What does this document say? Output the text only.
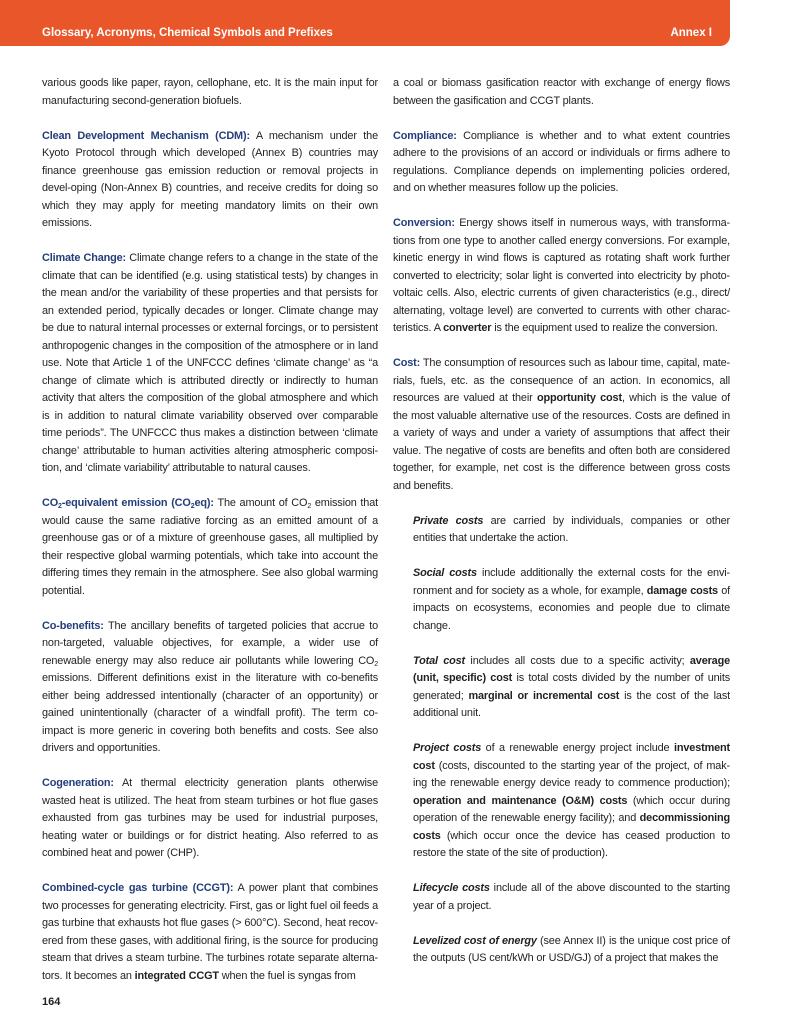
Glossary, Acronyms, Chemical Symbols and Prefixes	Annex I

various goods like paper, rayon, cellophane, etc. It is the main input for manufacturing second-generation biofuels.

Clean Development Mechanism (CDM): A mechanism under the Kyoto Protocol through which developed (Annex B) countries may finance greenhouse gas emission reduction or removal projects in devel-oping (Non-Annex B) countries, and receive credits for doing so which they may apply for meeting mandatory limits on their own emissions.

Climate Change: Climate change refers to a change in the state of the climate that can be identified (e.g. using statistical tests) by changes in the mean and/or the variability of these properties and that persists for an extended period, typically decades or longer. Climate change may be due to natural internal processes or external forcings, or to persistent anthropogenic changes in the composition of the atmosphere or in land use. Note that Article 1 of the UNFCCC defines ‘climate change’ as “a change of climate which is attributed directly or indirectly to human activity that alters the composition of the global atmosphere and which is in addition to natural climate variability observed over comparable time periods”. The UNFCCC thus makes a distinction between ‘climate change’ attributable to human activities altering atmospheric composi-tion, and ‘climate variability’ attributable to natural causes.

$CO_2$-equivalent emission $(CO_2eq)$: The amount of $CO_2$ emission that would cause the same radiative forcing as an emitted amount of a greenhouse gas or of a mixture of greenhouse gases, all multiplied by their respective global warming potentials, which take into account the differing times they remain in the atmosphere. See also global warming potential.

Co-benefits: The ancillary benefits of targeted policies that accrue to non-targeted, valuable objectives, for example, a wider use of renewable energy may also reduce air pollutants while lowering $CO_2$ emissions. Different definitions exist in the literature with co-benefits either being addressed intentionally (character of an opportunity) or gained unintentionally (character of a windfall profit). The term co-impact is more generic in covering both benefits and costs. See also drivers and opportunities.

Cogeneration: At thermal electricity generation plants otherwise wasted heat is utilized. The heat from steam turbines or hot flue gases exhausted from gas turbines may be used for industrial purposes, heating water or buildings or for district heating. Also referred to as combined heat and power (CHP).

Combined-cycle gas turbine (CCGT): A power plant that combines two processes for generating electricity. First, gas or light fuel oil feeds a gas turbine that exhausts hot flue gases (> 600°C). Second, heat recov-ered from these gases, with additional firing, is the source for producing steam that drives a steam turbine. The turbines rotate separate alterna-tors. It becomes an integrated CCGT when the fuel is syngas from

a coal or biomass gasification reactor with exchange of energy flows between the gasification and CCGT plants.

Compliance: Compliance is whether and to what extent countries adhere to the provisions of an accord or individuals or firms adhere to regulations. Compliance depends on implementing policies ordered, and on whether measures follow up the policies.

Conversion: Energy shows itself in numerous ways, with transforma-tions from one type to another called energy conversions. For example, kinetic energy in wind flows is captured as rotating shaft work further converted to electricity; solar light is converted into electricity by photo-voltaic cells. Also, electric currents of given characteristics (e.g., direct/ alternating, voltage level) are converted to currents with other charac-teristics. A converter is the equipment used to realize the conversion.

Cost: The consumption of resources such as labour time, capital, mate-rials, fuels, etc. as the consequence of an action. In economics, all resources are valued at their opportunity cost, which is the value of the most valuable alternative use of the resources. Costs are defined in a variety of ways and under a variety of assumptions that affect their value. The negative of costs are benefits and often both are considered together, for example, net cost is the difference between gross costs and benefits.

Private costs are carried by individuals, companies or other entities that undertake the action.

Social costs include additionally the external costs for the envi-ronment and for society as a whole, for example, damage costs of impacts on ecosystems, economies and people due to climate change.

Total cost includes all costs due to a specific activity; average (unit, specific) cost is total costs divided by the number of units generated; marginal or incremental cost is the cost of the last additional unit.

Project costs of a renewable energy project include investment cost (costs, discounted to the starting year of the project, of mak-ing the renewable energy device ready to commence production); operation and maintenance (O&M) costs (which occur during operation of the renewable energy facility); and decommissioning costs (which occur once the device has ceased production to restore the state of the site of production).

Lifecycle costs include all of the above discounted to the starting year of a project.

Levelized cost of energy (see Annex II) is the unique cost price of the outputs (US cent/kWh or USD/GJ) of a project that makes the

164
